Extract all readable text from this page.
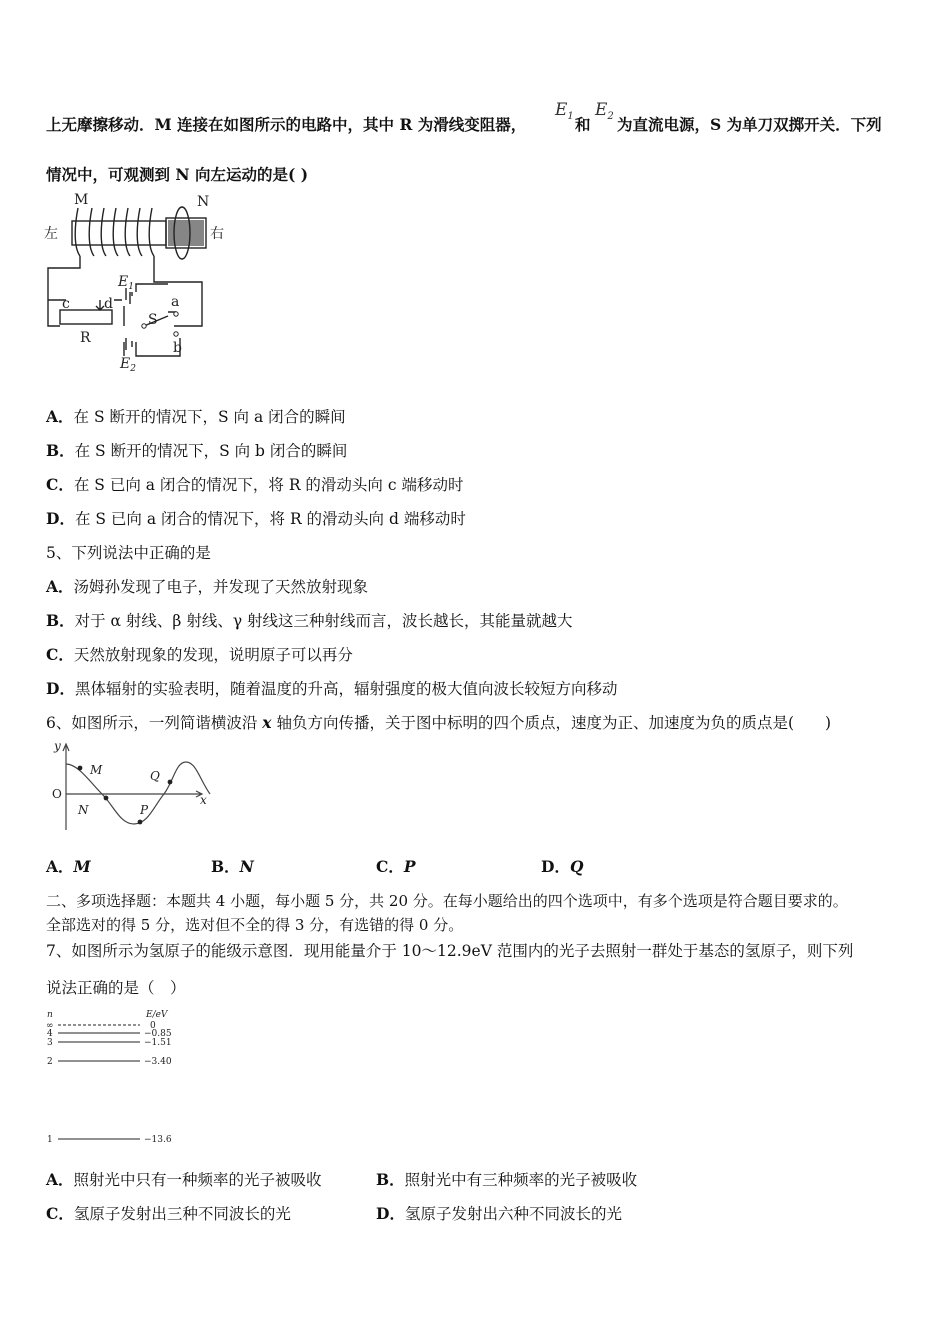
上无摩擦移动．M 连接在如图所示的电路中，其中 R 为滑线变阻器，
$E_1$ 和
$E_2$ 为直流电源，S 为单刀双掷开关．下列
情况中，可观测到 N 向左运动的是( )
M	N
左	右
$E_1$
$E_2$
a
b
c d
R
S
A．在 S 断开的情况下，S 向 a 闭合的瞬间
B．在 S 断开的情况下，S 向 b 闭合的瞬间
C．在 S 已向 a 闭合的情况下，将 R 的滑动头向 c 端移动时
D．在 S 已向 a 闭合的情况下，将 R 的滑动头向 d 端移动时
5、下列说法中正确的是
A．汤姆孙发现了电子，并发现了天然放射现象
B．对于 α 射线、β 射线、γ 射线这三种射线而言，波长越长，其能量就越大
C．天然放射现象的发现，说明原子可以再分
D．黑体辐射的实验表明，随着温度的升高，辐射强度的极大值向波长较短方向移动
6、如图所示，一列简谐横波沿 x 轴负方向传播，关于图中标明的四个质点，速度为正、加速度为负的质点是(　　)
y
x
O
M
N	P
Q
A．M	B．N	C．P	D．Q
二、多项选择题：本题共 4 小题，每小题 5 分，共 20 分。在每小题给出的四个选项中，有多个选项是符合题目要求的。
全部选对的得 5 分，选对但不全的得 3 分，有选错的得 0 分。
7、如图所示为氢原子的能级示意图．现用能量介于 10～12.9eV 范围内的光子去照射一群处于基态的氢原子，则下列
说法正确的是（　）
n	E/eV
∞	0
4	−0.85
3	−1.51
2	−3.40
1	−13.6
A．照射光中只有一种频率的光子被吸收	B．照射光中有三种频率的光子被吸收
C．氢原子发射出三种不同波长的光	D．氢原子发射出六种不同波长的光
